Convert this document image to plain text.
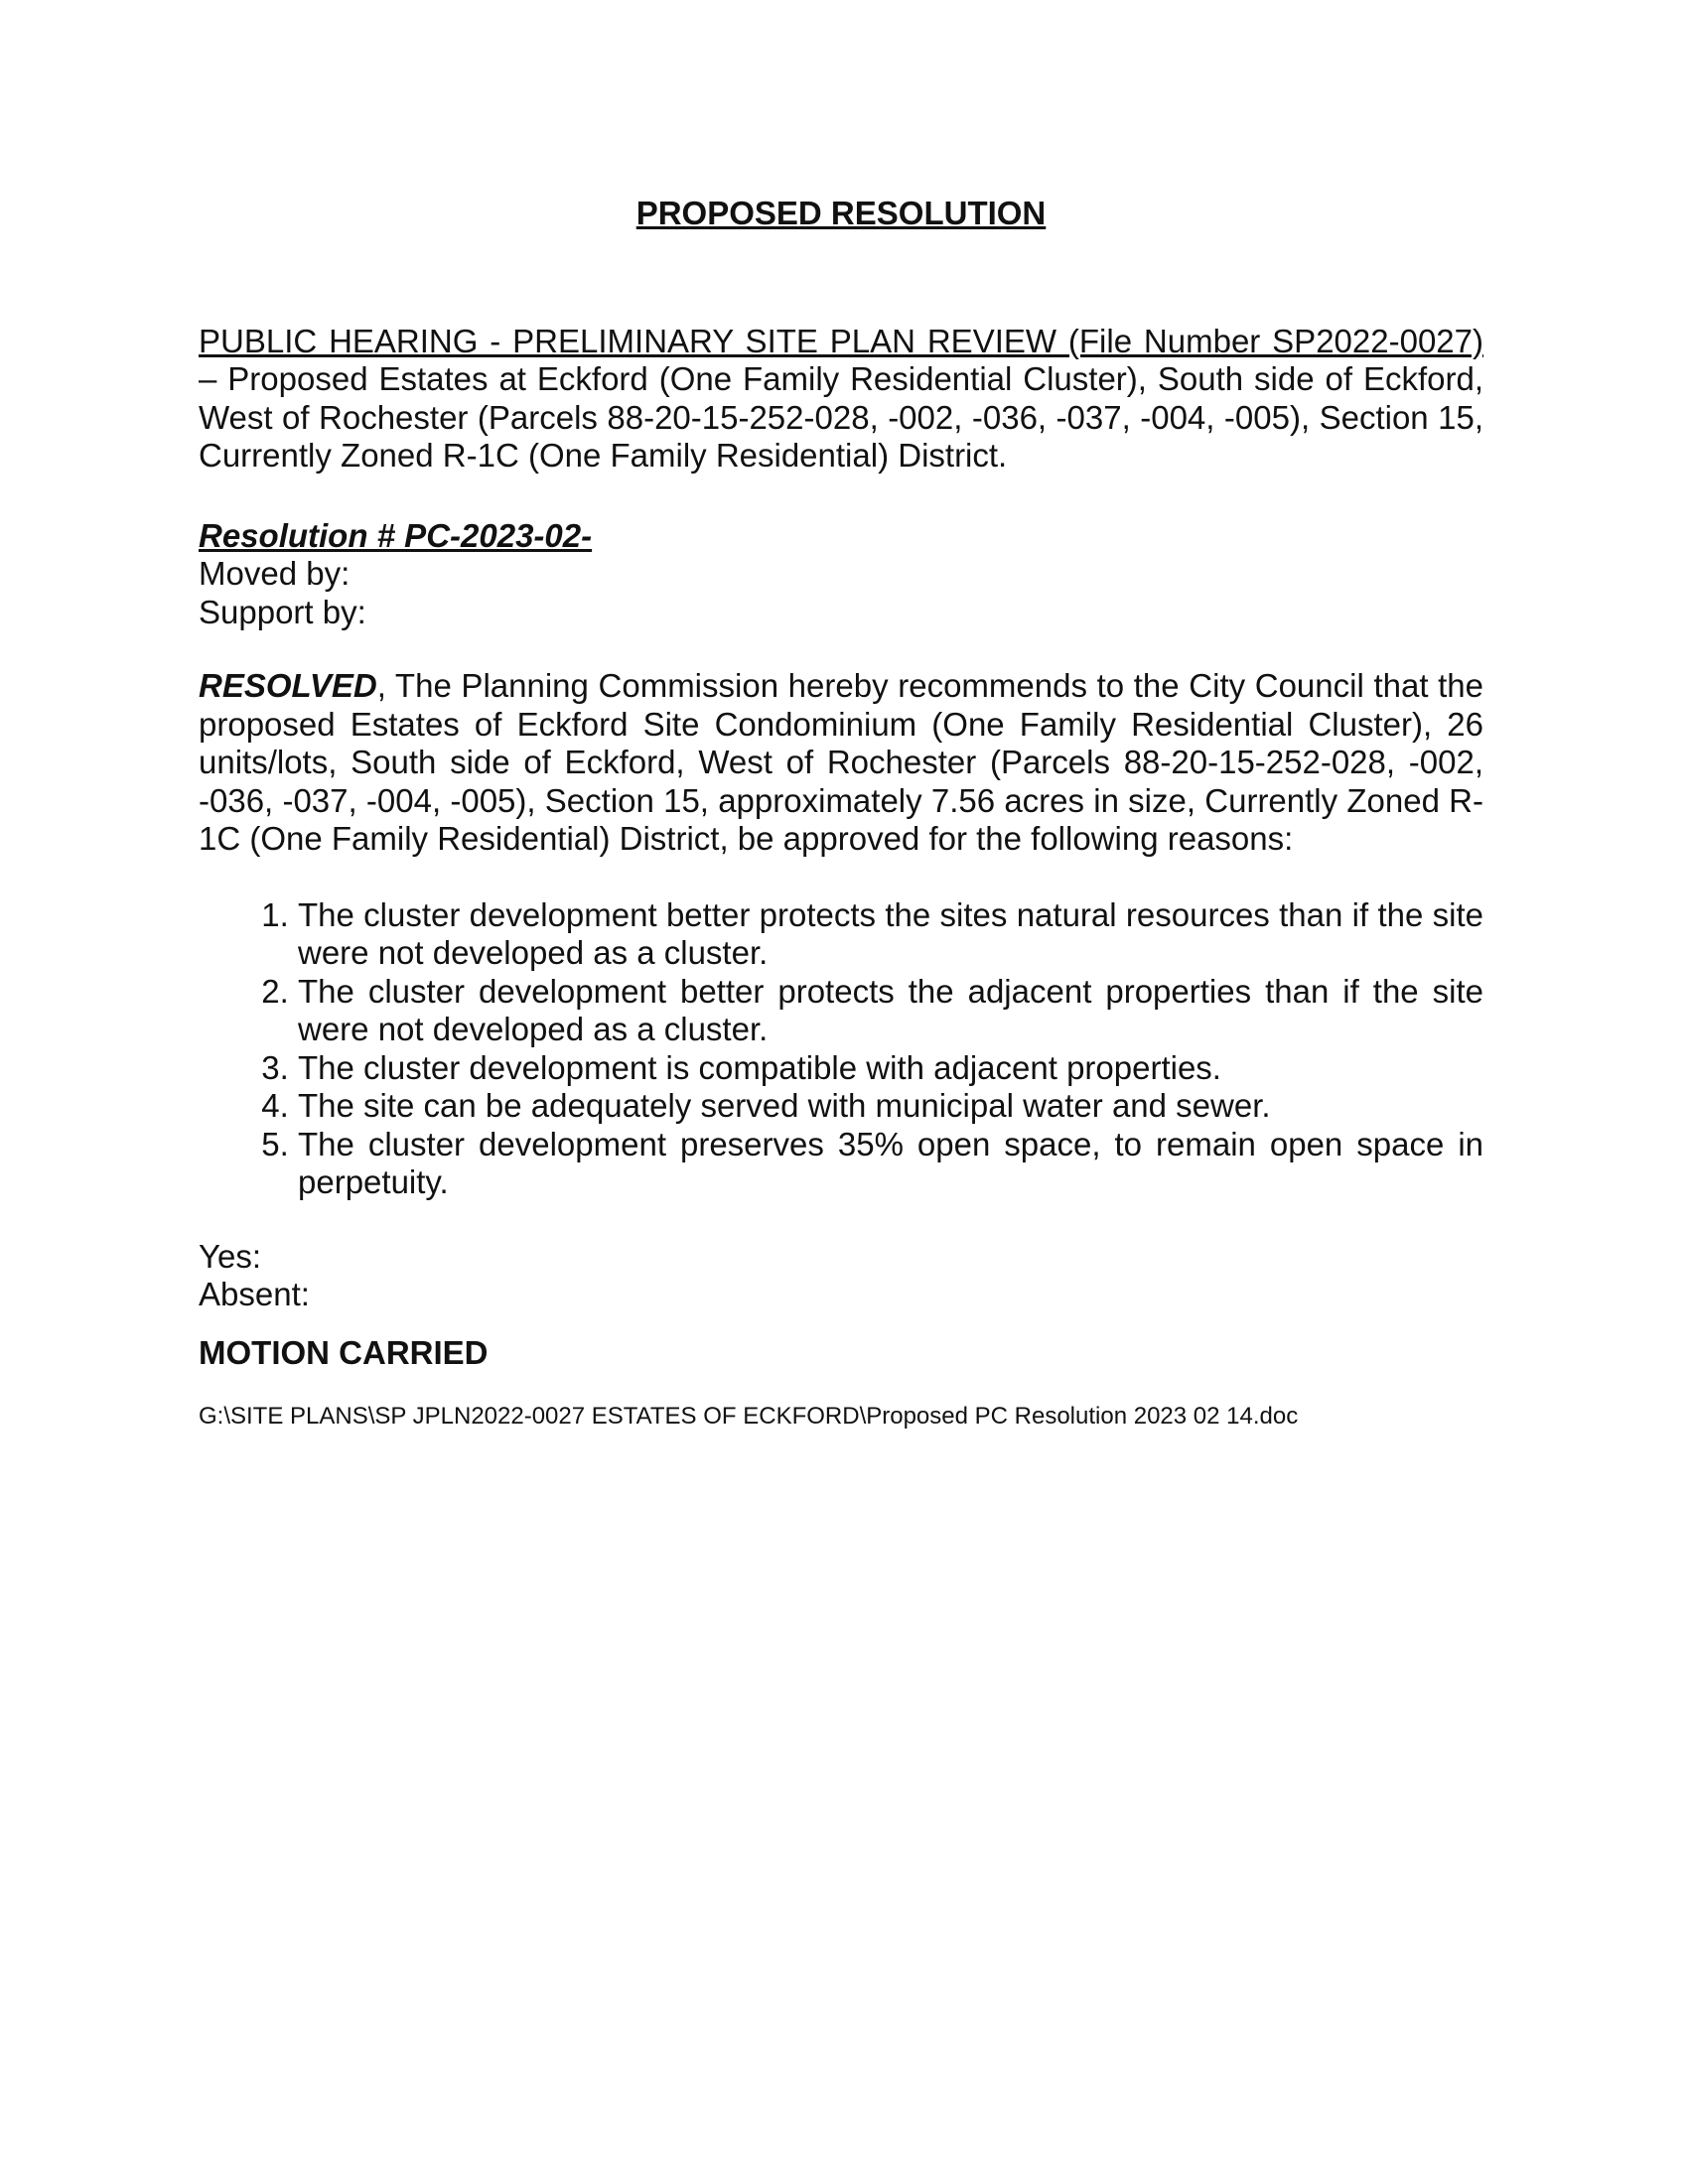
PROPOSED RESOLUTION

PUBLIC HEARING - PRELIMINARY SITE PLAN REVIEW (File Number SP2022-0027) – Proposed Estates at Eckford (One Family Residential Cluster), South side of Eckford, West of Rochester (Parcels 88-20-15-252-028, -002, -036, -037, -004, -005), Section 15, Currently Zoned R-1C (One Family Residential) District.

Resolution # PC-2023-02-
Moved by:
Support by:

RESOLVED, The Planning Commission hereby recommends to the City Council that the proposed Estates of Eckford Site Condominium (One Family Residential Cluster), 26 units/lots, South side of Eckford, West of Rochester (Parcels 88-20-15-252-028, -002, -036, -037, -004, -005), Section 15, approximately 7.56 acres in size, Currently Zoned R-1C (One Family Residential) District, be approved for the following reasons:

1. The cluster development better protects the sites natural resources than if the site were not developed as a cluster.
2. The cluster development better protects the adjacent properties than if the site were not developed as a cluster.
3. The cluster development is compatible with adjacent properties.
4. The site can be adequately served with municipal water and sewer.
5. The cluster development preserves 35% open space, to remain open space in perpetuity.
Yes:
Absent:
MOTION CARRIED
G:\SITE PLANS\SP JPLN2022-0027 ESTATES OF ECKFORD\Proposed PC Resolution 2023 02 14.doc
